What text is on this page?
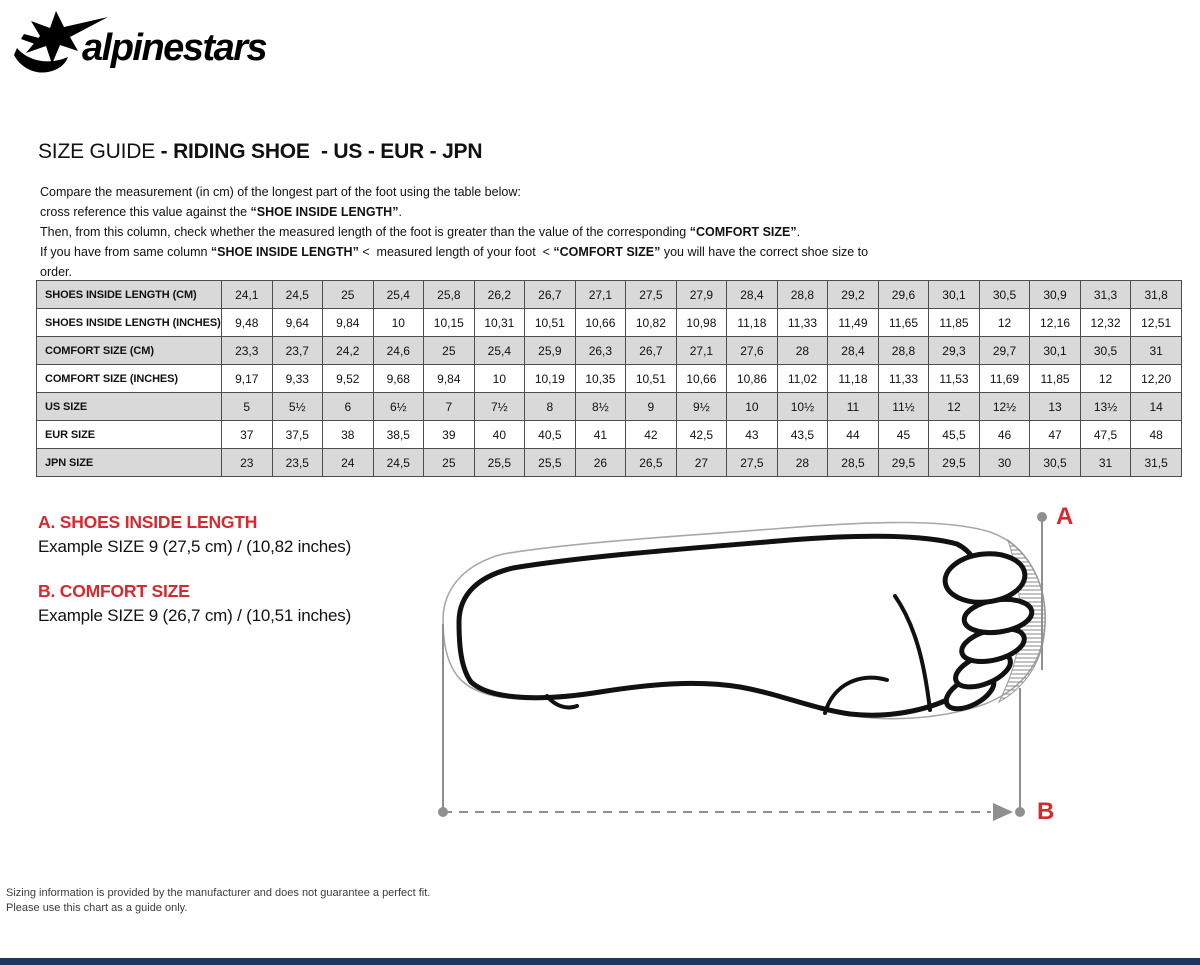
alpinestars
SIZE GUIDE - RIDING SHOE  - US - EUR - JPN

Compare the measurement (in cm) of the longest part of the foot using the table below:

cross reference this value against the “SHOE INSIDE LENGTH”.

Then, from this column, check whether the measured length of the foot is greater than the value of the corresponding “COMFORT SIZE”.

If you have from same column “SHOE INSIDE LENGTH” <  measured length of your foot  < “COMFORT SIZE” you will have the correct shoe size to order.

SHOES INSIDE LENGTH (CM)	24,1	24,5	25	25,4	25,8	26,2	26,7	27,1	27,5	27,9	28,4	28,8	29,2	29,6	30,1	30,5	30,9	31,3	31,8
SHOES INSIDE LENGTH (INCHES)	9,48	9,64	9,84	10	10,15	10,31	10,51	10,66	10,82	10,98	11,18	11,33	11,49	11,65	11,85	12	12,16	12,32	12,51
COMFORT SIZE (CM)	23,3	23,7	24,2	24,6	25	25,4	25,9	26,3	26,7	27,1	27,6	28	28,4	28,8	29,3	29,7	30,1	30,5	31
COMFORT SIZE (INCHES)	9,17	9,33	9,52	9,68	9,84	10	10,19	10,35	10,51	10,66	10,86	11,02	11,18	11,33	11,53	11,69	11,85	12	12,20
US SIZE	5	5½	6	6½	7	7½	8	8½	9	9½	10	10½	11	11½	12	12½	13	13½	14
EUR SIZE	37	37,5	38	38,5	39	40	40,5	41	42	42,5	43	43,5	44	45	45,5	46	47	47,5	48
JPN SIZE	23	23,5	24	24,5	25	25,5	25,5	26	26,5	27	27,5	28	28,5	29,5	29,5	30	30,5	31	31,5

A. SHOES INSIDE LENGTH

Example SIZE 9 (27,5 cm) / (10,82 inches)

B. COMFORT SIZE

Example SIZE 9 (26,7 cm) / (10,51 inches)

A
B
Sizing information is provided by the manufacturer and does not guarantee a perfect fit.
Please use this chart as a guide only.
